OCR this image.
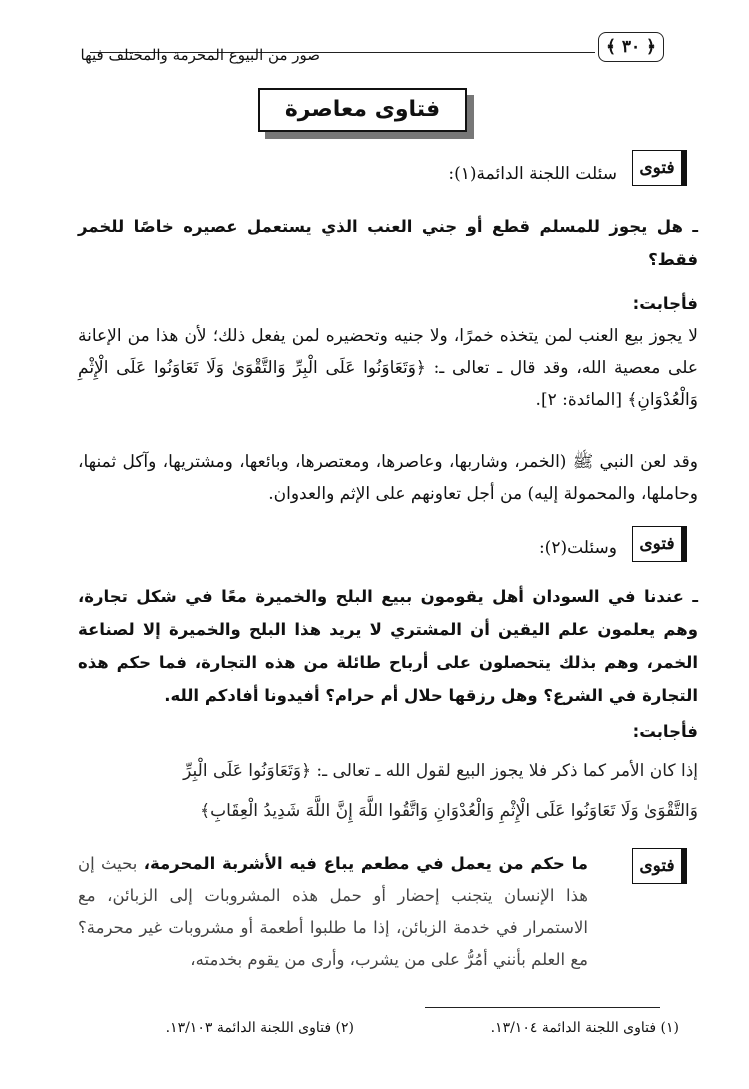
﴿ ٣٠ ﴾
صور من البيوع المحرمة والمختلف فيها
فتاوى معاصرة
فتوى
سئلت اللجنة الدائمة(١):
ـ هل يجوز للمسلم قطع أو جني العنب الذي يستعمل عصيره خاصًا للخمر فقط؟
فأجابت:
لا يجوز بيع العنب لمن يتخذه خمرًا، ولا جنيه وتحضيره لمن يفعل ذلك؛ لأن هذا من الإعانة على معصية الله، وقد قال ـ تعالى ـ: ﴿وَتَعَاوَنُوا عَلَى الْبِرِّ وَالتَّقْوَىٰ وَلَا تَعَاوَنُوا عَلَى الْإِثْمِ وَالْعُدْوَانِ﴾ [المائدة: ٢].
وقد لعن النبي ﷺ (الخمر، وشاربها، وعاصرها، ومعتصرها، وبائعها، ومشتريها، وآكل ثمنها، وحاملها، والمحمولة إليه) من أجل تعاونهم على الإثم والعدوان.
فتوى
وسئلت(٢):
ـ عندنا في السودان أهل يقومون ببيع البلح والخميرة معًا في شكل تجارة، وهم يعلمون علم اليقين أن المشتري لا يريد هذا البلح والخميرة إلا لصناعة الخمر، وهم بذلك يتحصلون على أرباح طائلة من هذه التجارة، فما حكم هذه التجارة في الشرع؟ وهل رزقها حلال أم حرام؟ أفيدونا أفادكم الله.
فأجابت:
إذا كان الأمر كما ذكر فلا يجوز البيع لقول الله ـ تعالى ـ: ﴿وَتَعَاوَنُوا عَلَى الْبِرِّ
وَالتَّقْوَىٰ وَلَا تَعَاوَنُوا عَلَى الْإِثْمِ وَالْعُدْوَانِ وَاتَّقُوا اللَّهَ إِنَّ اللَّهَ شَدِيدُ الْعِقَابِ﴾
فتوى
ما حكم من يعمل في مطعم يباع فيه الأشربة المحرمة، بحيث إن هذا الإنسان يتجنب إحضار أو حمل هذه المشروبات إلى الزبائن، مع الاستمرار في خدمة الزبائن، إذا ما طلبوا أطعمة أو مشروبات غير محرمة؟ مع العلم بأنني أمُرُّ على من يشرب، وأرى من يقوم بخدمته،
(١) فتاوى اللجنة الدائمة ١٣/١٠٤.
(٢) فتاوى اللجنة الدائمة ١٣/١٠٣.
